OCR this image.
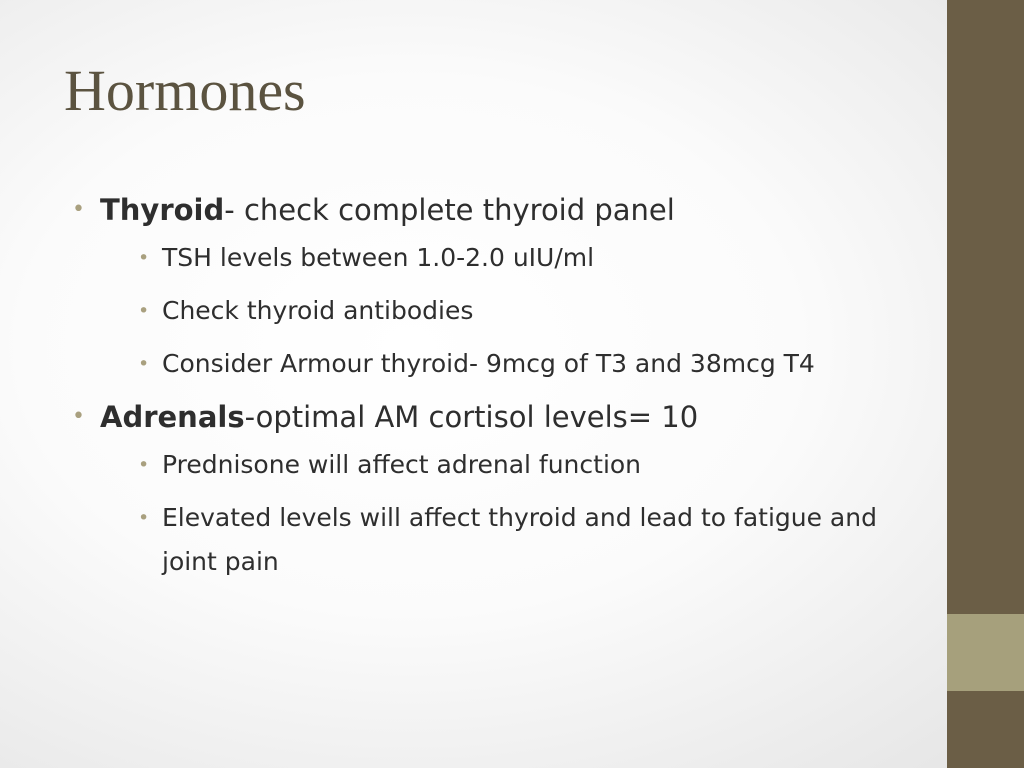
Hormones
• Thyroid- check complete thyroid panel
• TSH levels between 1.0-2.0 uIU/ml
• Check thyroid antibodies
• Consider Armour thyroid- 9mcg of T3 and 38mcg T4
• Adrenals-optimal AM cortisol levels= 10
• Prednisone will affect adrenal function
• Elevated levels will affect thyroid and lead to fatigue and joint pain
